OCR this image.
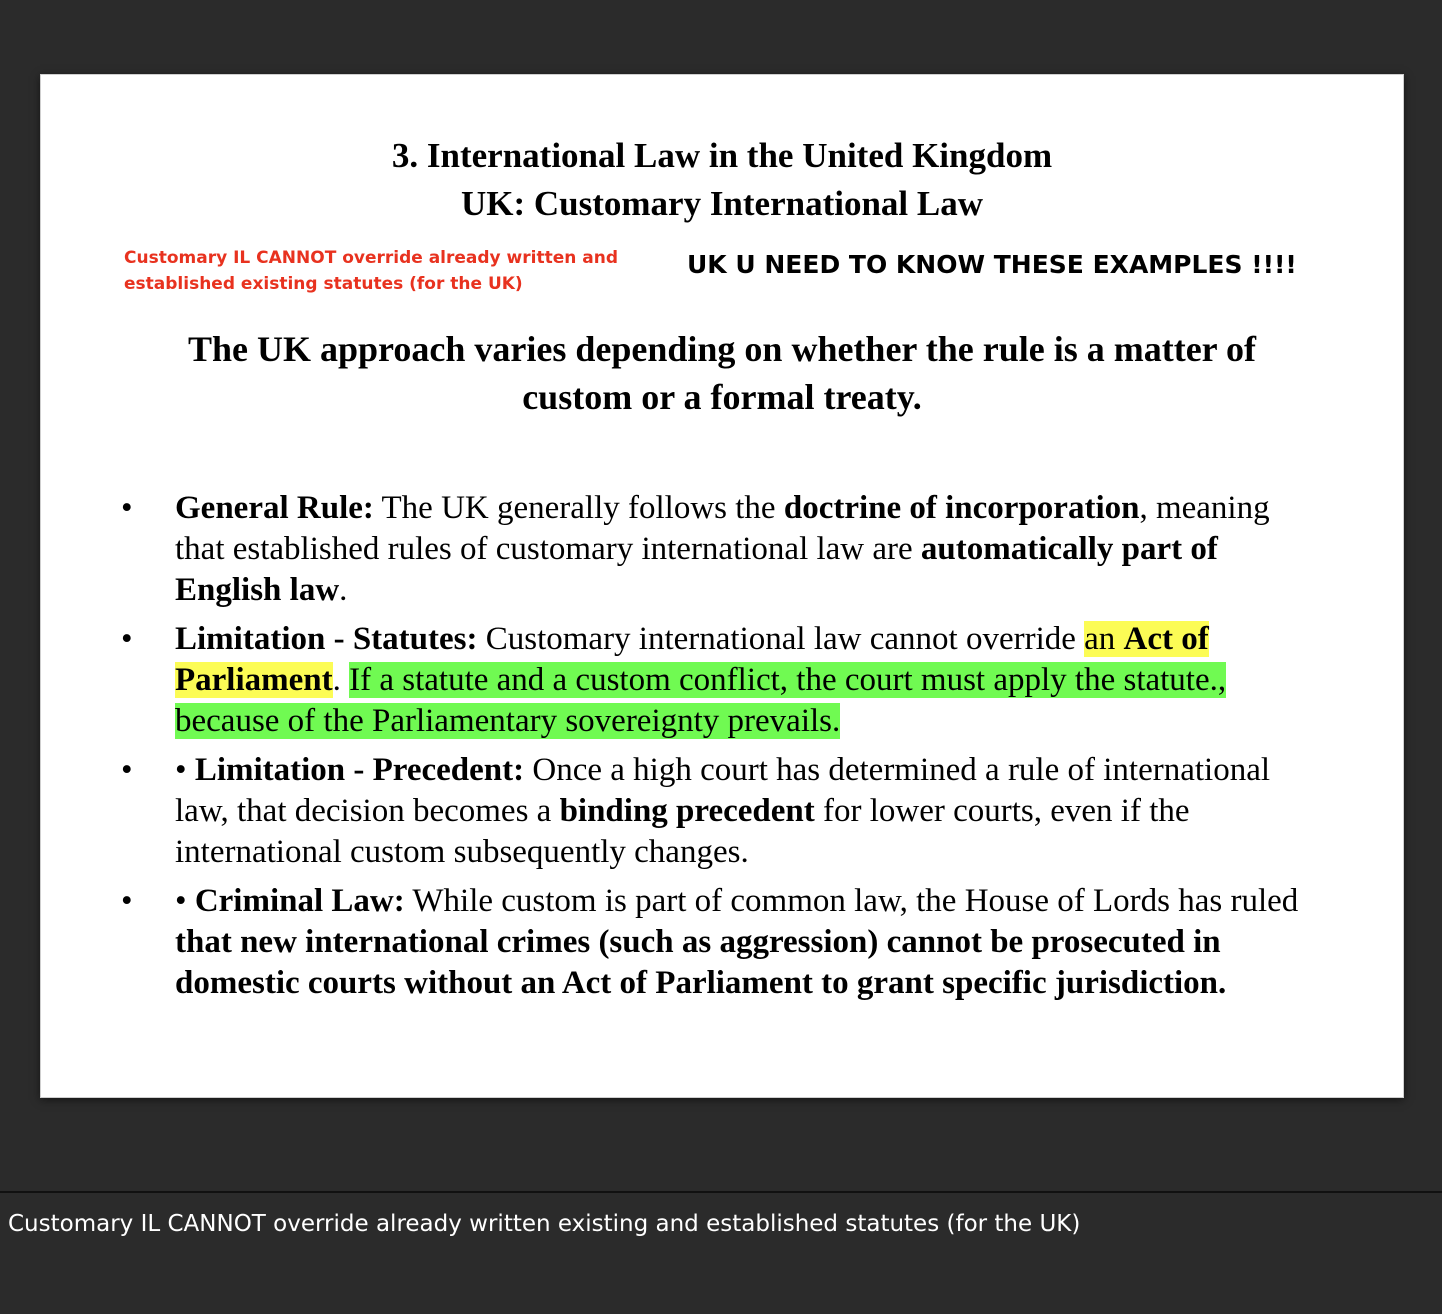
3. International Law in the United Kingdom
UK: Customary International Law
Customary IL CANNOT override already written and established existing statutes (for the UK)
UK U NEED TO KNOW THESE EXAMPLES !!!!
The UK approach varies depending on whether the rule is a matter of custom or a formal treaty.
• General Rule: The UK generally follows the doctrine of incorporation, meaning that established rules of customary international law are automatically part of English law.
• Limitation - Statutes: Customary international law cannot override an Act of Parliament. If a statute and a custom conflict, the court must apply the statute., because of the Parliamentary sovereignty prevails.
• • Limitation - Precedent: Once a high court has determined a rule of international law, that decision becomes a binding precedent for lower courts, even if the international custom subsequently changes.
• • Criminal Law: While custom is part of common law, the House of Lords has ruled that new international crimes (such as aggression) cannot be prosecuted in domestic courts without an Act of Parliament to grant specific jurisdiction.
Customary IL CANNOT override already written existing and established statutes (for the UK)
